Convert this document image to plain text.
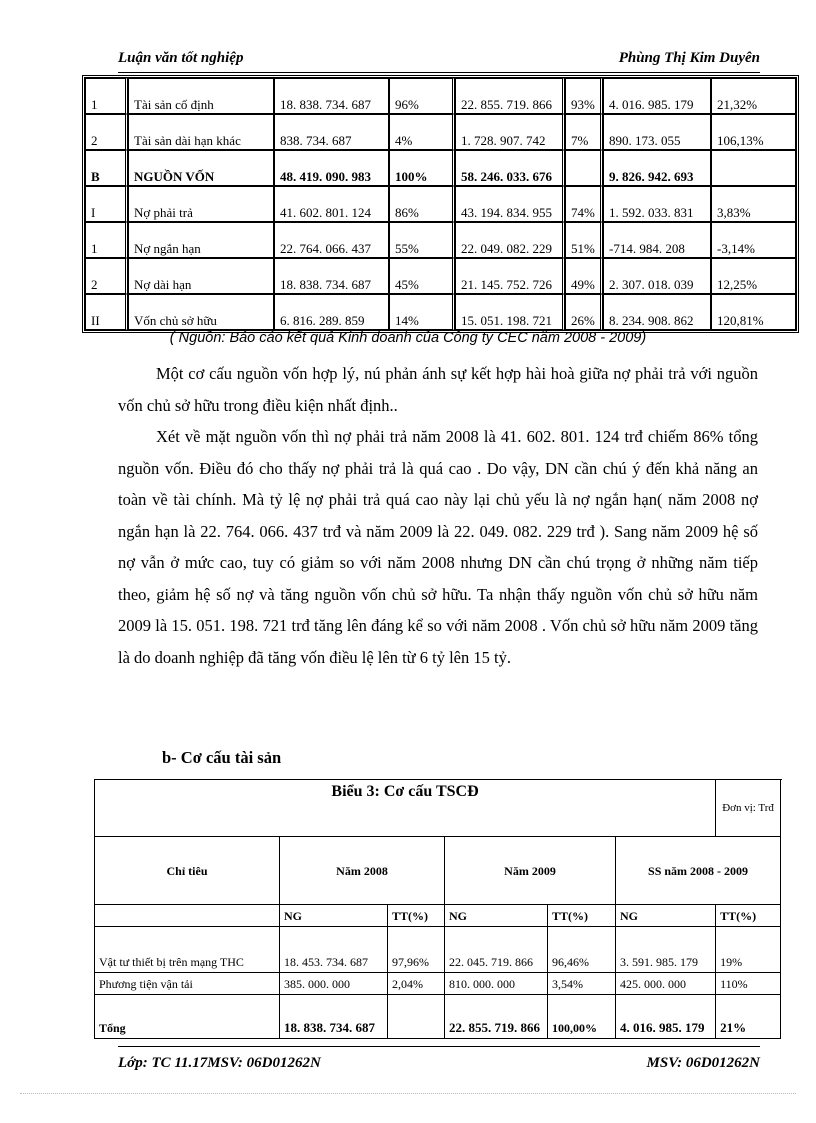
Luận văn tốt nghiệp	Phùng Thị Kim Duyên
1	Tài sản cố định	18. 838. 734. 687	96%	22. 855. 719. 866	93%	4. 016. 985. 179	21,32%
2	Tài sản dài hạn khác	838. 734. 687	4%	1. 728. 907. 742	7%	890. 173. 055	106,13%
B	NGUỒN VỐN	48. 419. 090. 983	100%	58. 246. 033. 676		9. 826. 942. 693	
I	Nợ phải trả	41. 602. 801. 124	86%	43. 194. 834. 955	74%	1. 592. 033. 831	3,83%
1	Nợ ngắn hạn	22. 764. 066. 437	55%	22. 049. 082. 229	51%	-714. 984. 208	-3,14%
2	Nợ dài hạn	18. 838. 734. 687	45%	21. 145. 752. 726	49%	2. 307. 018. 039	12,25%
II	Vốn chủ sở hữu	6. 816. 289. 859	14%	15. 051. 198. 721	26%	8. 234. 908. 862	120,81%
( Nguồn: Báo cáo kết quả Kinh doanh của Công ty CEC năm 2008 - 2009)

Một cơ cấu nguồn vốn hợp lý, nú phản ánh sự kết hợp hài hoà giữa nợ phải trả với nguồn vốn chủ sở hữu trong điều kiện nhất định..

Xét về mặt nguồn vốn thì nợ phải trả năm 2008 là 41. 602. 801. 124 trđ chiếm 86% tổng nguồn vốn. Điều đó cho thấy nợ phải trả là quá cao . Do vậy, DN cần chú ý đến khả năng an toàn về tài chính. Mà tỷ lệ nợ phải trả quá cao này lại chủ yếu là nợ ngắn hạn( năm 2008 nợ ngắn hạn là 22. 764. 066. 437 trđ và năm 2009 là 22. 049. 082. 229 trđ ). Sang năm 2009 hệ số nợ vẫn ở mức cao, tuy có giảm so với năm 2008 nhưng DN cần chú trọng ở những năm tiếp theo, giảm hệ số nợ và tăng nguồn vốn chủ sở hữu. Ta nhận thấy nguồn vốn chủ sở hữu năm 2009 là 15. 051. 198. 721 trđ tăng lên đáng kể so với năm 2008 . Vốn chủ sở hữu năm 2009 tăng là do doanh nghiệp đã tăng vốn điều lệ lên từ 6 tỷ lên 15 tỷ.

b- Cơ cấu tài sản
Biểu 3: Cơ cấu TSCĐ						Đơn vị: Trđ
Chỉ tiêu	Năm 2008		Năm 2009		SS năm 2008 - 2009	
	NG	TT(%)	NG	TT(%)	NG	TT(%)
Vật tư thiết bị trên mạng THC	18. 453. 734. 687	97,96%	22. 045. 719. 866	96,46%	3. 591. 985. 179	19%
Phương tiện vận tải	385. 000. 000	2,04%	810. 000. 000	3,54%	425. 000. 000	110%
Tổng	18. 838. 734. 687		22. 855. 719. 866	100,00%	4. 016. 985. 179	21%
Lớp: TC 11.17MSV: 06D01262N	MSV: 06D01262N
